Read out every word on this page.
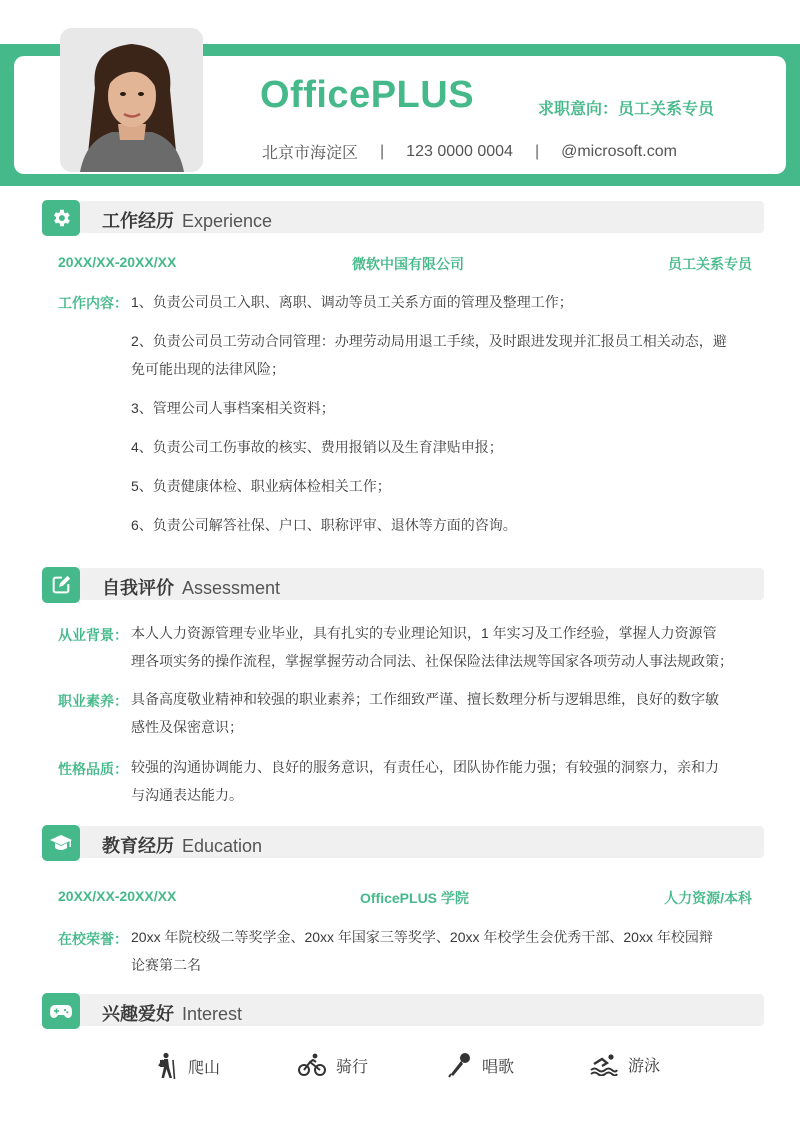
OfficePLUS	求职意向：员工关系专员
北京市海淀区 | 123 0000 0004 | @microsoft.com
工作经历 Experience
20XX/XX-20XX/XX	微软中国有限公司	员工关系专员
工作内容： 1、负责公司员工入职、离职、调动等员工关系方面的管理及整理工作；
2、负责公司员工劳动合同管理：办理劳动局用退工手续，及时跟进发现并汇报员工相关动态，避
免可能出现的法律风险；
3、管理公司人事档案相关资料；
4、负责公司工伤事故的核实、费用报销以及生育津贴申报；
5、负责健康体检、职业病体检相关工作；
6、负责公司解答社保、户口、职称评审、退休等方面的咨询。
自我评价 Assessment
从业背景： 本人人力资源管理专业毕业，具有扎实的专业理论知识，1 年实习及工作经验，掌握人力资源管
理各项实务的操作流程，掌握掌握劳动合同法、社保保险法律法规等国家各项劳动人事法规政策；
职业素养： 具备高度敬业精神和较强的职业素养；工作细致严谨、擅长数理分析与逻辑思维，良好的数字敏
感性及保密意识；
性格品质： 较强的沟通协调能力、良好的服务意识，有责任心，团队协作能力强；有较强的洞察力，亲和力
与沟通表达能力。
教育经历 Education
20XX/XX-20XX/XX	OfficePLUS 学院	人力资源/本科
在校荣誉： 20xx 年院校级二等奖学金、20xx 年国家三等奖学、20xx 年校学生会优秀干部、20xx 年校园辩
论赛第二名
兴趣爱好 Interest
爬山	骑行	唱歌	游泳
